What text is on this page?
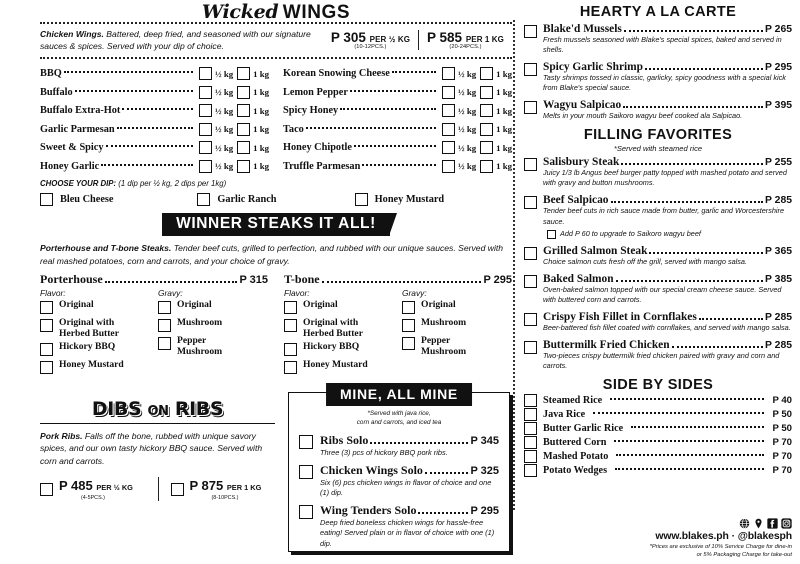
Wicked WINGS
Chicken Wings. Battered, deep fried, and seasoned with our signature sauces & spices. Served with your dip of choice.
P 305 PER ½ KG
(10-12PCS.)
P 585 PER 1 KG
(20-24PCS.)
BBQ	½ kg 1 kg Korean Snowing Cheese	½ kg 1 kg
Buffalo	½ kg 1 kg Lemon Pepper	½ kg 1 kg
Buffalo Extra-Hot	½ kg 1 kg Spicy Honey	½ kg 1 kg
Garlic Parmesan	½ kg 1 kg Taco	½ kg 1 kg
Sweet & Spicy	½ kg 1 kg Honey Chipotle	½ kg 1 kg
Honey Garlic	½ kg 1 kg Truffle Parmesan	½ kg 1 kg
CHOOSE YOUR DIP: (1 dip per ½ kg, 2 dips per 1kg)
Bleu Cheese	Garlic Ranch	Honey Mustard
WINNER STEAKS IT ALL!
Porterhouse and T-bone Steaks. Tender beef cuts, grilled to perfection, and rubbed with our unique sauces. Served with real mashed potatoes, corn and carrots, and your choice of gravy.
Porterhouse	P 315
Flavor:
Original
Original with
Herbed Butter
Hickory BBQ
Honey Mustard
Gravy:
Original
Mushroom
Pepper
Mushroom
T-bone	P 295
Flavor:
Original
Original with
Herbed Butter
Hickory BBQ
Honey Mustard
Gravy:
Original
Mushroom
Pepper
Mushroom
DIBS ON RIBS
Pork Ribs. Falls off the bone, rubbed with unique savory spices, and our own tasty hickory BBQ sauce. Served with corn and carrots.
P 485 PER ½ KG
(4-5PCS.)
P 875 PER 1 KG
(8-10PCS.)
MINE, ALL MINE
*Served with java rice,
corn and carrots, and iced tea
Ribs Solo	P 345
Three (3) pcs of hickory BBQ pork ribs.
Chicken Wings Solo	P 325
Six (6) pcs chicken wings in flavor of choice and one (1) dip.
Wing Tenders Solo	P 295
Deep fried boneless chicken wings for hassle-free eating! Served plain or in flavor of choice with one (1) dip.
HEARTY A LA CARTE
Blake'd Mussels	P 265
Fresh mussels seasoned with Blake's special spices, baked and served in shells.
Spicy Garlic Shrimp	P 295
Tasty shrimps tossed in classic, garlicky, spicy goodness with a special kick from Blake's special sauce.
Wagyu Salpicao	P 395
Melts in your mouth Saikoro wagyu beef cooked ala Salpicao.
FILLING FAVORITES
*Served with steamed rice
Salisbury Steak	P 255
Juicy 1/3 lb Angus beef burger patty topped with mashed potato and served with gravy and button mushrooms.
Beef Salpicao	P 285
Tender beef cuts in rich sauce made from butter, garlic and Worcestershire sauce.
Add P 60 to upgrade to Saikoro wagyu beef
Grilled Salmon Steak	P 365
Choice salmon cuts fresh off the grill, served with mango salsa.
Baked Salmon	P 385
Oven-baked salmon topped with our special cream cheese sauce. Served with buttered corn and carrots.
Crispy Fish Fillet in Cornflakes	P 285
Beer-battered fish fillet coated with cornflakes, and served with mango salsa.
Buttermilk Fried Chicken	P 285
Two-pieces crispy buttermilk fried chicken paired with gravy and corn and carrots.
SIDE BY SIDES
Steamed Rice	P 40
Java Rice	P 50
Butter Garlic Rice	P 50
Buttered Corn	P 70
Mashed Potato	P 70
Potato Wedges	P 70
www.blakes.ph · @blakesph
*Prices are exclusive of 10% Service Charge for dine-in
or 5% Packaging Charge for take-out
